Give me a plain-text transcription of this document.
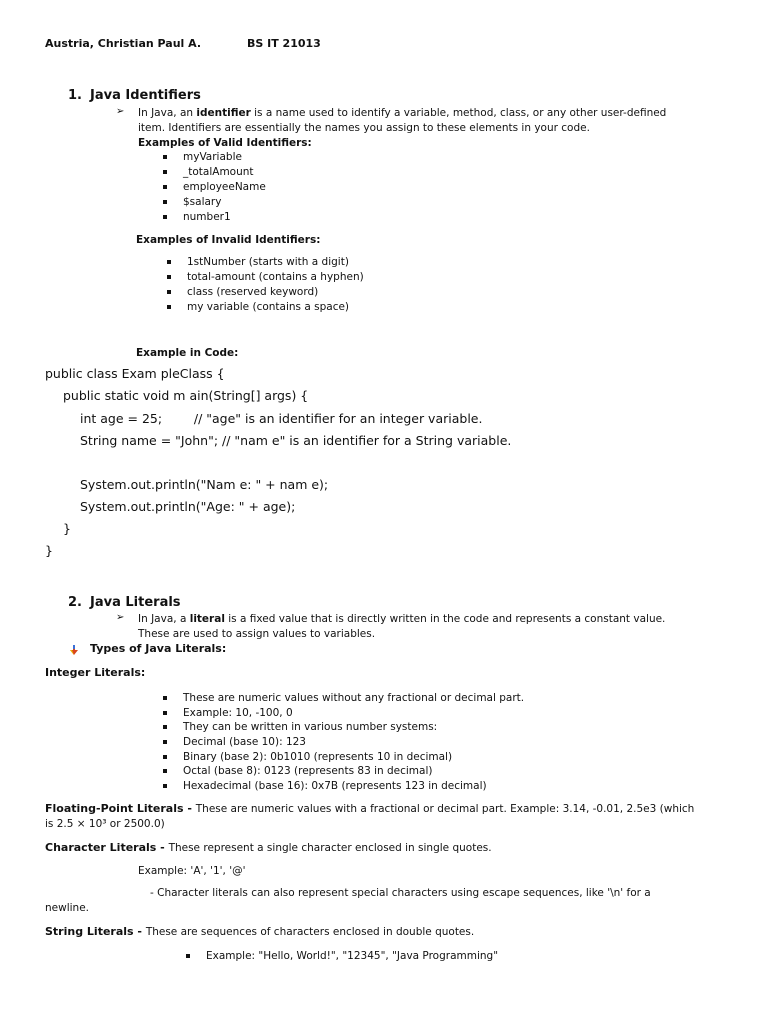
Austria, Christian Paul A.	BS IT 21013
1. Java Identifiers
➢ In Java, an identifier is a name used to identify a variable, method, class, or any other user-defined
item. Identifiers are essentially the names you assign to these elements in your code.
Examples of Valid Identifiers:
myVariable
_totalAmount
employeeName
$salary
number1
Examples of Invalid Identifiers:
1stNumber (starts with a digit)
total-amount (contains a hyphen)
class (reserved keyword)
my variable (contains a space)
Example in Code:
public class Exam pleClass {
public static void m ain(String[] args) {
int age = 25;        // "age" is an identifier for an integer variable.
String name = "John"; // "nam e" is an identifier for a String variable.
System.out.println("Nam e: " + nam e);
System.out.println("Age: " + age);
}
}
2. Java Literals
➢ In Java, a literal is a fixed value that is directly written in the code and represents a constant value.
These are used to assign values to variables.
Types of Java Literals:
Integer Literals:
These are numeric values without any fractional or decimal part.
Example: 10, -100, 0
They can be written in various number systems:
Decimal (base 10): 123
Binary (base 2): 0b1010 (represents 10 in decimal)
Octal (base 8): 0123 (represents 83 in decimal)
Hexadecimal (base 16): 0x7B (represents 123 in decimal)
Floating-Point Literals - These are numeric values with a fractional or decimal part. Example: 3.14, -0.01, 2.5e3 (which
is 2.5 × 10³ or 2500.0)
Character Literals - These represent a single character enclosed in single quotes.
Example: 'A', '1', '@'
- Character literals can also represent special characters using escape sequences, like '\n' for a
newline.
String Literals - These are sequences of characters enclosed in double quotes.
Example: "Hello, World!", "12345", "Java Programming"
